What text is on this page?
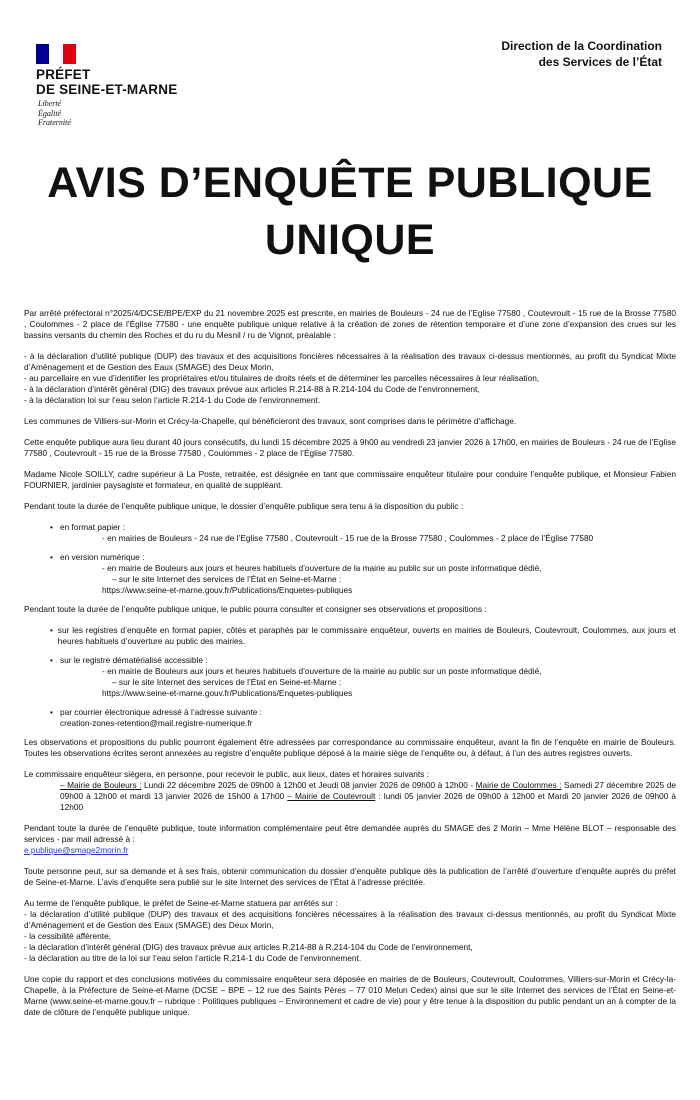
PRÉFET
DE SEINE-ET-MARNE
Liberté
Égalité
Fraternité
Direction de la Coordination
des Services de l’État
AVIS D’ENQUÊTE PUBLIQUE
UNIQUE

Par arrêté préfectoral n°2025/4/DCSE/BPE/EXP du 21 novembre 2025 est prescrite, en mairies de Bouleurs - 24 rue de l’Eglise 77580 , Coutevroult - 15 rue de la Brosse 77580 , Coulommes - 2 place de l’Église 77580 - une enquête publique unique relative à la création de zones de rétention temporaire et d’une zone d’expansion des crues sur les bassins versants du chemin des Roches et du ru du Mesnil / ru de Vignot, préalable :

- à la déclaration d’utilité publique (DUP) des travaux et des acquisitions foncières nécessaires à la réalisation des travaux ci-dessus mentionnés, au profit du Syndicat Mixte d’Aménagement et de Gestion des Eaux (SMAGE) des Deux Morin,
- au parcellaire en vue d’identifier les propriétaires et/ou titulaires de droits réels et de déterminer les parcelles nécessaires à leur réalisation,
- à la déclaration d’intérêt général (DIG) des travaux prévue aux articles R.214-88 à R.214-104 du Code de l’environnement,
- à la déclaration loi sur l’eau selon l’article R.214-1 du Code de l’environnement.

Les communes de Villiers-sur-Morin et Crécy-la-Chapelle, qui bénéficieront des travaux, sont comprises dans le périmètre d’affichage.

Cette enquête publique aura lieu durant 40 jours consécutifs, du lundi 15 décembre 2025 à 9h00 au vendredi 23 janvier 2026 à 17h00, en mairies de Bouleurs - 24 rue de l’Eglise 77580 , Coutevroult - 15 rue de la Brosse 77580 , Coulommes - 2 place de l’Église 77580.

Madame Nicole SOILLY, cadre supérieur à La Poste, retraitée, est désignée en tant que commissaire enquêteur titulaire pour conduire l’enquête publique, et Monsieur Fabien FOURNIER, jardinier paysagiste et formateur, en qualité de suppléant.

Pendant toute la durée de l’enquête publique unique, le dossier d’enquête publique sera tenu à la disposition du public :

• en format papier :
- en mairies de Bouleurs - 24 rue de l’Eglise 77580 , Coutevroult - 15 rue de la Brosse 77580 , Coulommes - 2 place de l’Église 77580
• en version numérique :
- en mairie de Bouleurs aux jours et heures habituels d’ouverture de la mairie au public sur un poste informatique dédié,
– sur le site Internet des services de l’État en Seine-et-Marne :
https://www.seine-et-marne.gouv.fr/Publications/Enquetes-publiques

Pendant toute la durée de l’enquête publique unique, le public pourra consulter et consigner ses observations et propositions :

• sur les registres d’enquête en format papier, côtés et paraphés par le commissaire enquêteur, ouverts en mairies de Bouleurs, Coutevroult, Coulommes, aux jours et heures habituels d’ouverture au public des mairies.
• sur le registre dématérialisé accessible :
- en mairie de Bouleurs aux jours et heures habituels d’ouverture de la mairie au public sur un poste informatique dédié,
– sur le site Internet des services de l’État en Seine-et-Marne :
https://www.seine-et-marne.gouv.fr/Publications/Enquetes-publiques
• par courrier électronique adressé à l’adresse suivante :
creation-zones-retention@mail.registre-numerique.fr

Les observations et propositions du public pourront également être adressées par correspondance au commissaire enquêteur, avant la fin de l’enquête en mairie de Bouleurs. Toutes les observations écrites seront annexées au registre d’enquête publique déposé à la mairie siège de l’enquête ou, à défaut, à l’un des autres registres ouverts.

Le commissaire enquêteur siégera, en personne, pour recevoir le public, aux lieux, dates et horaires suivants :
– Mairie de Bouleurs : Lundi 22 décembre 2025 de 09h00 à 12h00 et Jeudi 08 janvier 2026 de 09h00 à 12h00 - Mairie de Coulommes : Samedi 27 décembre 2025 de 09h00 à 12h00 et mardi 13 janvier 2026 de 15h00 à 17h00 – Mairie de Coutevroult : lundi 05 janvier 2026 de 09h00 à 12h00 et Mardi 20 janvier 2026 de 09h00 à 12h00

Pendant toute la durée de l’enquête publique, toute information complémentaire peut être demandée auprès du SMAGE des 2 Morin – Mme Hélène BLOT – responsable des services - par mail adressé à :
e.publique@smage2morin.fr

Toute personne peut, sur sa demande et à ses frais, obtenir communication du dossier d’enquête publique dès la publication de l’arrêté d’ouverture d’enquête auprès du préfet de Seine-et-Marne. L’avis d’enquête sera publié sur le site Internet des services de l’État à l’adresse précitée.

Au terme de l’enquête publique, le préfet de Seine-et-Marne statuera par arrêtés sur :

- la déclaration d’utilité publique (DUP) des travaux et des acquisitions foncières nécessaires à la réalisation des travaux ci-dessus mentionnés, au profit du Syndicat Mixte d’Aménagement et de Gestion des Eaux (SMAGE) des Deux Morin,
- la cessibilité afférente,
- la déclaration d’intérêt général (DIG) des travaux prévue aux articles R.214-88 à R.214-104 du Code de l’environnement,
- la déclaration au titre de la loi sur l’eau selon l’article R.214-1 du Code de l’environnement.

Une copie du rapport et des conclusions motivées du commissaire enquêteur sera déposée en mairies de de Bouleurs, Coutevroult, Coulommes, Villiers-sur-Morin et Crécy-la-Chapelle, à la Préfecture de Seine-et-Marne (DCSE – BPE – 12 rue des Saints Pères – 77 010 Melun Cedex) ainsi que sur le site Internet des services de l’État en Seine-et-Marne (www.seine-et-marne.gouv.fr – rubrique : Politiques publiques – Environnement et cadre de vie) pour y être tenue à la disposition du public pendant un an à compter de la date de clôture de l’enquête publique unique.
